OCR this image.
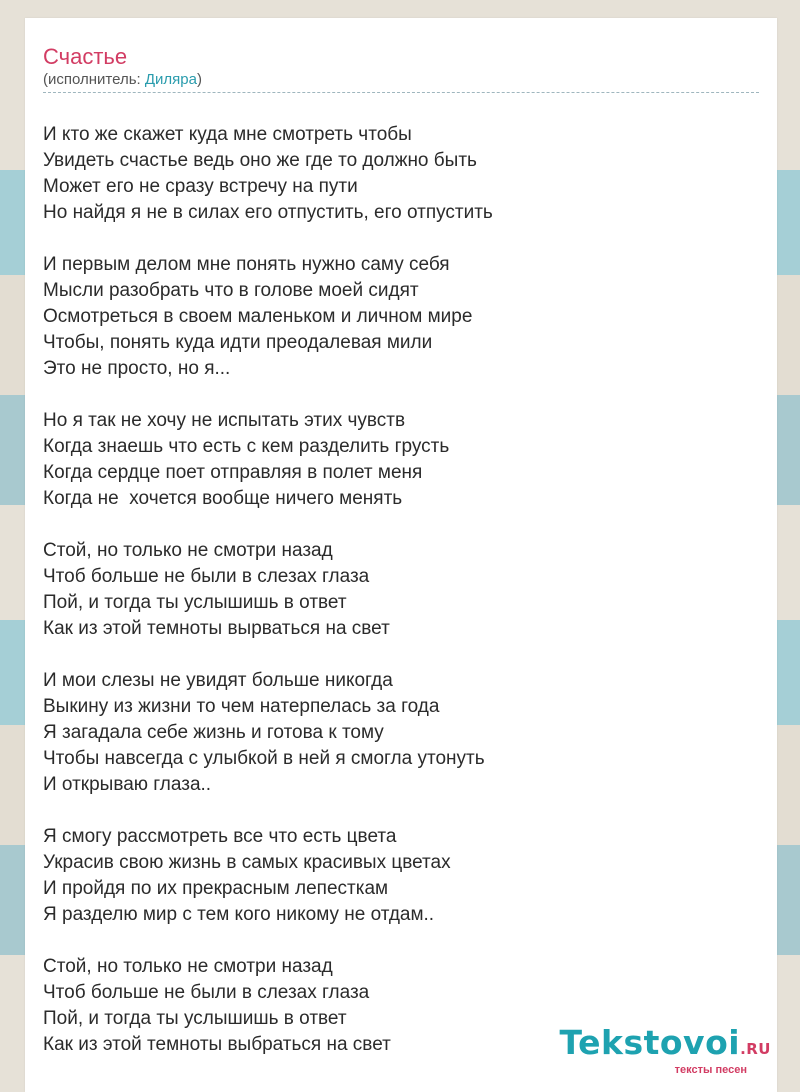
Счастье
(исполнитель: Диляра)
И кто же скажет куда мне смотреть чтобы
Увидеть счастье ведь оно же где то должно быть
Может его не сразу встречу на пути
Но найдя я не в силах его отпустить, его отпустить
И первым делом мне понять нужно саму себя
Мысли разобрать что в голове моей сидят
Осмотреться в своем маленьком и личном мире
Чтобы, понять куда идти преодалевая мили
Это не просто, но я...
Но я так не хочу не испытать этих чувств
Когда знаешь что есть с кем разделить грусть
Когда сердце поет отправляя в полет меня
Когда не  хочется вообще ничего менять
Стой, но только не смотри назад
Чтоб больше не были в слезах глаза
Пой, и тогда ты услышишь в ответ
Как из этой темноты вырваться на свет
И мои слезы не увидят больше никогда
Выкину из жизни то чем натерпелась за года
Я загадала себе жизнь и готова к тому
Чтобы навсегда с улыбкой в ней я смогла утонуть
И открываю глаза..
Я смогу рассмотреть все что есть цвета
Украсив свою жизнь в самых красивых цветах
И пройдя по их прекрасным лепесткам
Я разделю мир с тем кого никому не отдам..
Стой, но только не смотри назад
Чтоб больше не были в слезах глаза
Пой, и тогда ты услышишь в ответ
Как из этой темноты выбраться на свет	Tekstovoi.RU
тексты песен
